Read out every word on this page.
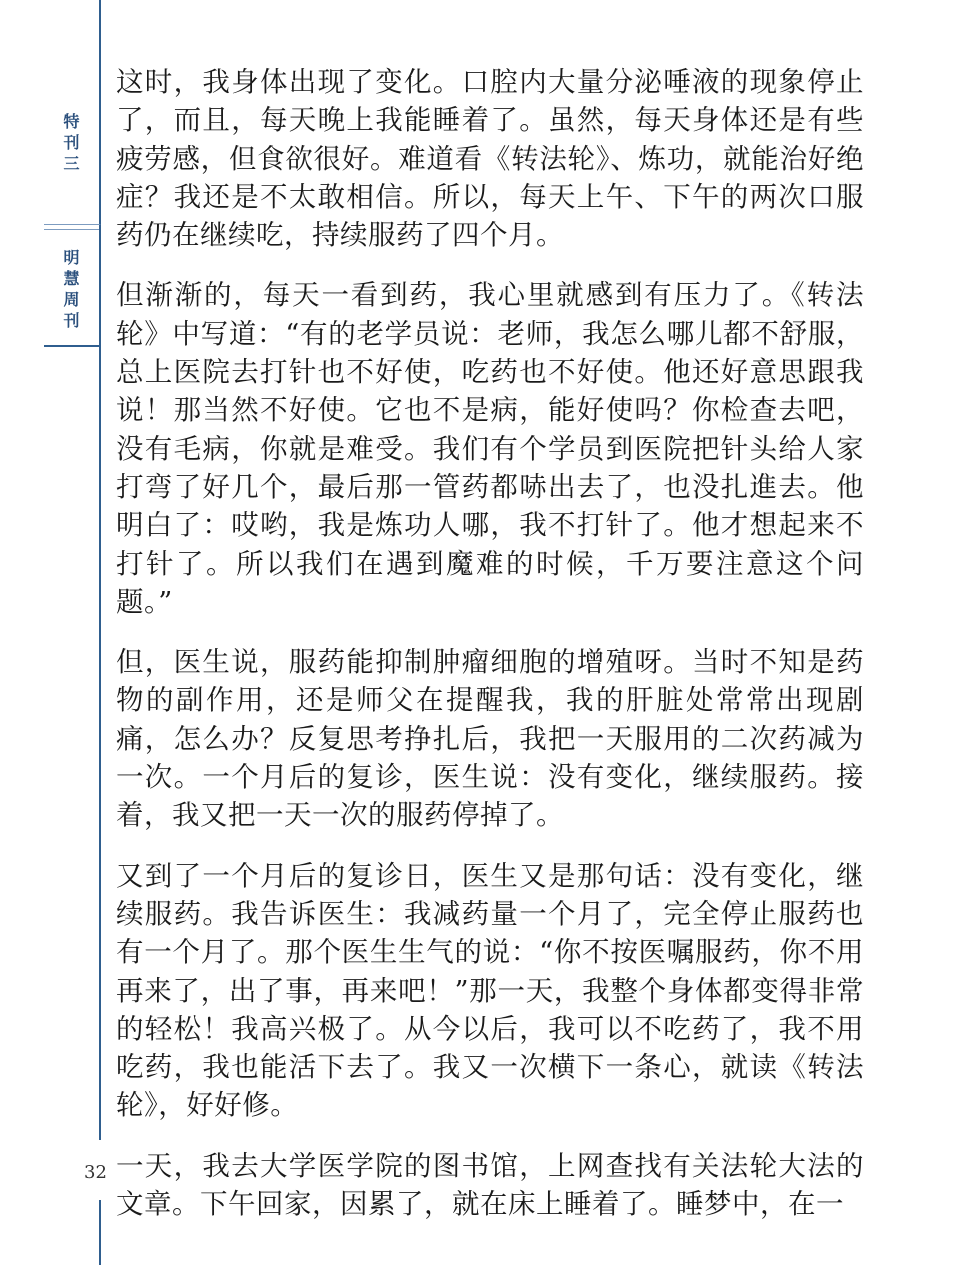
特
刊
三
明
慧
周
刊

这时，我身体出现了变化。口腔内大量分泌唾液的现象停止了，而且，每天晚上我能睡着了。虽然，每天身体还是有些疲劳感，但食欲很好。难道看《转法轮》、炼功，就能治好绝症？我还是不太敢相信。所以，每天上午、下午的两次口服药仍在继续吃，持续服药了四个月。

但渐渐的，每天一看到药，我心里就感到有压力了。《转法轮》中写道：“有的老学员说：老师，我怎么哪儿都不舒服，总上医院去打针也不好使，吃药也不好使。他还好意思跟我说！那当然不好使。它也不是病，能好使吗？你检查去吧，没有毛病，你就是难受。我们有个学员到医院把针头给人家打弯了好几个，最后那一管药都哧出去了，也没扎進去。他明白了：哎哟，我是炼功人哪，我不打针了。他才想起来不打针了。所以我们在遇到魔难的时候，千万要注意这个问题。”

但，医生说，服药能抑制肿瘤细胞的增殖呀。当时不知是药物的副作用，还是师父在提醒我，我的肝脏处常常出现剧痛，怎么办？反复思考挣扎后，我把一天服用的二次药减为一次。一个月后的复诊，医生说：没有变化，继续服药。接着，我又把一天一次的服药停掉了。

又到了一个月后的复诊日，医生又是那句话：没有变化，继续服药。我告诉医生：我减药量一个月了，完全停止服药也有一个月了。那个医生生气的说：“你不按医嘱服药，你不用再来了，出了事，再来吧！”那一天，我整个身体都变得非常的轻松！我高兴极了。从今以后，我可以不吃药了，我不用吃药，我也能活下去了。我又一次横下一条心，就读《转法轮》，好好修。

一天，我去大学医学院的图书馆，上网查找有关法轮大法的文章。下午回家，因累了，就在床上睡着了。睡梦中，在一

32
